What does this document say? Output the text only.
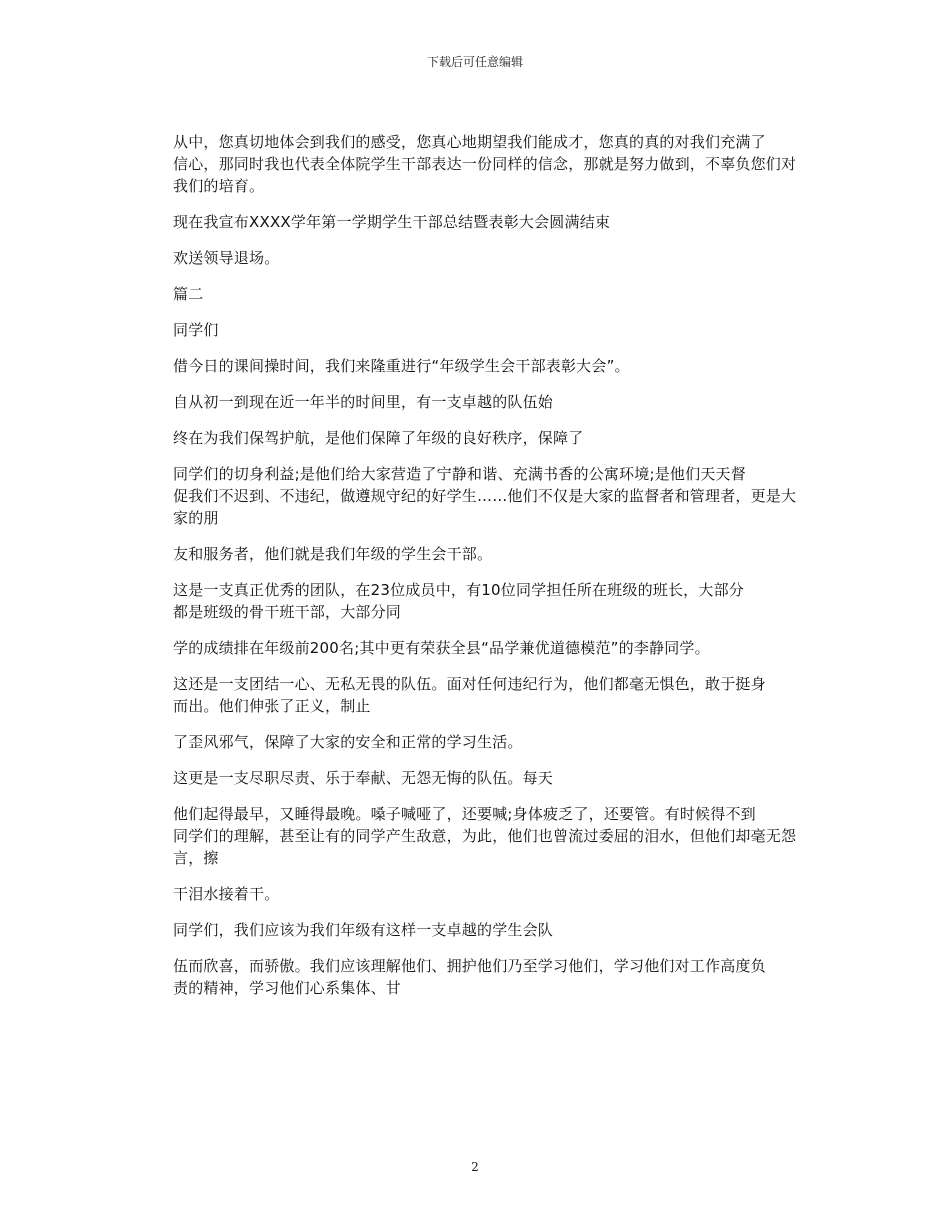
下载后可任意编辑

从中，您真切地体会到我们的感受，您真心地期望我们能成才，您真的真的对我们充满了
信心，那同时我也代表全体院学生干部表达一份同样的信念，那就是努力做到，不辜负您们对
我们的培育。

现在我宣布XXXX学年第一学期学生干部总结暨表彰大会圆满结束

欢送领导退场。

篇二

同学们

借今日的课间操时间，我们来隆重进行“年级学生会干部表彰大会”。

自从初一到现在近一年半的时间里，有一支卓越的队伍始

终在为我们保驾护航，是他们保障了年级的良好秩序，保障了

同学们的切身利益;是他们给大家营造了宁静和谐、充满书香的公寓环境;是他们天天督
促我们不迟到、不违纪，做遵规守纪的好学生……他们不仅是大家的监督者和管理者，更是大
家的朋

友和服务者，他们就是我们年级的学生会干部。

这是一支真正优秀的团队，在23位成员中，有10位同学担任所在班级的班长，大部分
都是班级的骨干班干部，大部分同

学的成绩排在年级前200名;其中更有荣获全县“品学兼优道德模范”的李静同学。

这还是一支团结一心、无私无畏的队伍。面对任何违纪行为，他们都毫无惧色，敢于挺身
而出。他们伸张了正义，制止

了歪风邪气，保障了大家的安全和正常的学习生活。

这更是一支尽职尽责、乐于奉献、无怨无悔的队伍。每天

他们起得最早，又睡得最晚。嗓子喊哑了，还要喊;身体疲乏了，还要管。有时候得不到
同学们的理解，甚至让有的同学产生敌意，为此，他们也曾流过委屈的泪水，但他们却毫无怨
言，擦

干泪水接着干。

同学们，我们应该为我们年级有这样一支卓越的学生会队

伍而欣喜，而骄傲。我们应该理解他们、拥护他们乃至学习他们，学习他们对工作高度负
责的精神，学习他们心系集体、甘

2
